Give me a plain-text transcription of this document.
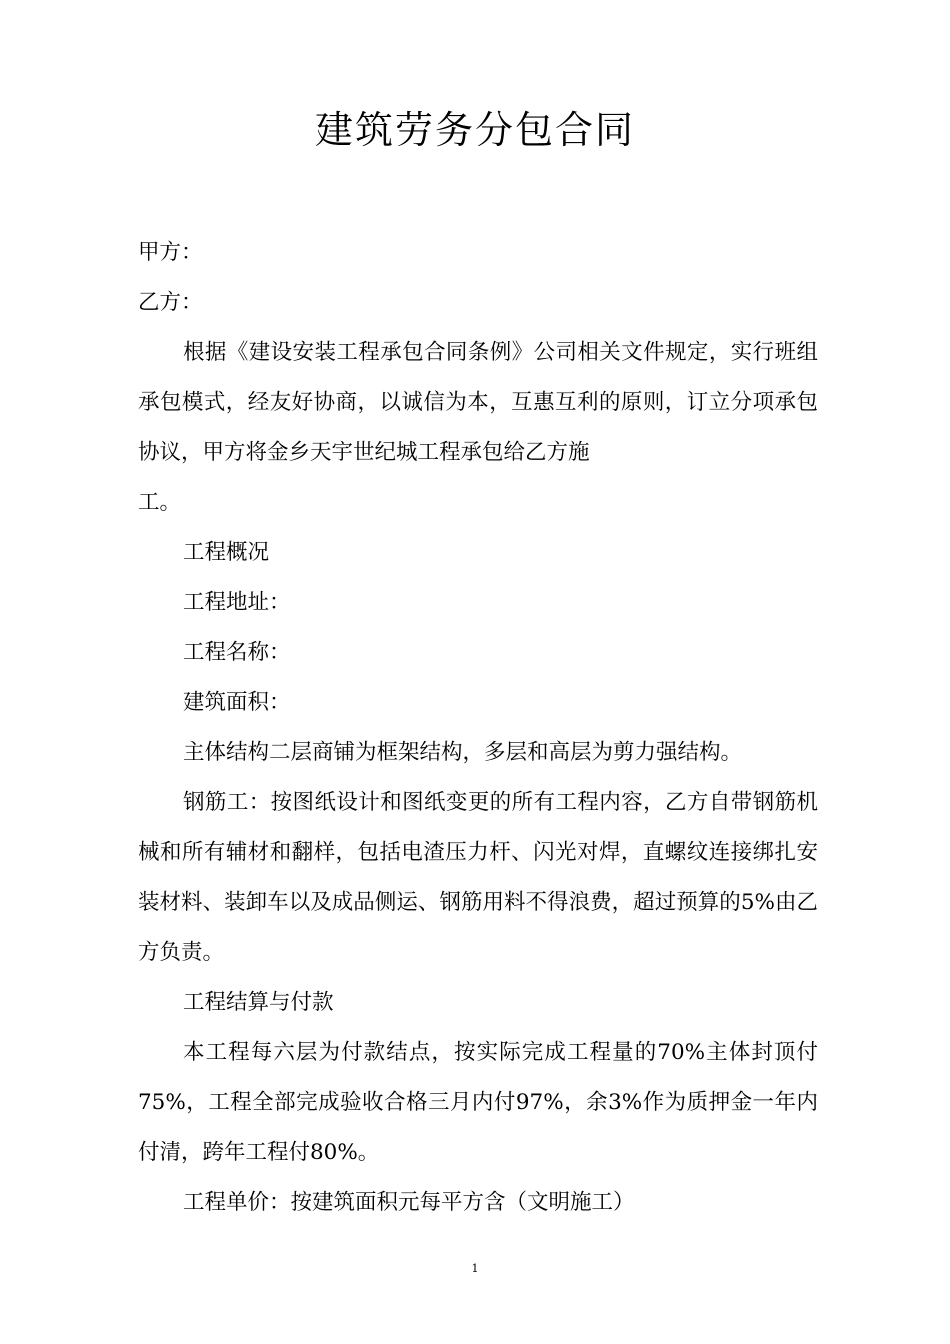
建筑劳务分包合同

甲方：

乙方：

根据《建设安装工程承包合同条例》公司相关文件规定，实行班组承包模式，经友好协商，以诚信为本，互惠互利的原则，订立分项承包协议，甲方将金乡天宇世纪城工程承包给乙方施

工。

工程概况

工程地址：

工程名称：

建筑面积：

主体结构二层商铺为框架结构，多层和高层为剪力强结构。

钢筋工：按图纸设计和图纸变更的所有工程内容，乙方自带钢筋机械和所有辅材和翻样，包括电渣压力杆、闪光对焊，直螺纹连接绑扎安装材料、装卸车以及成品侧运、钢筋用料不得浪费，超过预算的5%由乙方负责。

工程结算与付款

本工程每六层为付款结点，按实际完成工程量的70%主体封顶付75%，工程全部完成验收合格三月内付97%，余3%作为质押金一年内付清，跨年工程付80%。

工程单价：按建筑面积元每平方含（文明施工）

1
